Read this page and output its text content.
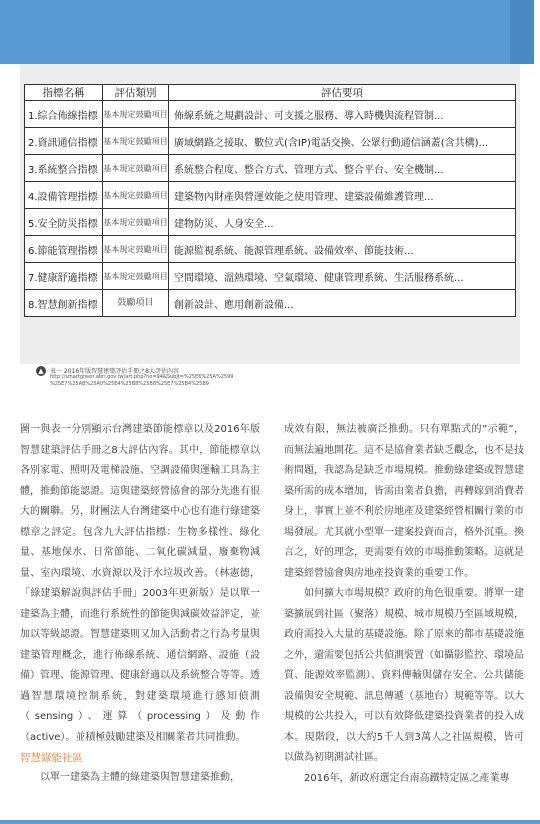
指標名稱	評估類別	評估要項
1.綜合佈線指標	基本規定 鼓勵項目	佈線系統之規劃設計、可支援之服務、導入時機與流程管制...
2.資訊通信指標	基本規定 鼓勵項目	廣域網路之接取、數位式(含IP)電話交換、公眾行動通信涵蓋(含共構)...
3.系統整合指標	基本規定 鼓勵項目	系統整合程度、整合方式、管理方式、整合平台、安全機制...
4.設備管理指標	基本規定 鼓勵項目	建築物內財產與營運效能之使用管理、建築設備維護管理...
5.安全防災指標	基本規定 鼓勵項目	建物防災、人身安全...
6.節能管理指標	基本規定 鼓勵項目	能源監視系統、能源管理系統、設備效率、節能技術...
7.健康舒適指標	基本規定 鼓勵項目	空間環境、溫熱環境、空氣環境、健康管理系統、生活服務系統...
8.智慧創新指標	鼓勵項目	創新設計、應用創新設備...
▲	表一 2016年版智慧建築評估手冊之8大評估內容
http://smartgreen.abri.gov.tw/art.php?no=94&SubJt=%25E6%25A%2599
%25E7%25AB%25A0%25E4%25B8%25B8%25E7%25B4%25B9

圖一與表一分別顯示台灣建築節能標章以及2016年版智慧建築評估手冊之8大評估內容。其中，節能標章以各別家電、照明及電梯設施、空調設備與運輸工具為主體，推動節能認證。這與建築經營協會的部分先進有很大的關聯。另，財團法人台灣建築中心也有進行綠建築標章之評定。包含九大評估指標：生物多樣性、綠化量、基地保水、日常節能、二氧化碳減量、廢棄物減量、室內環境、水資源以及汙水垃圾改善。（林憲德，「綠建築解說與評估手冊」2003年更新版）是以單一建築為主體，而進行系統性的節能與減碳效益評定，並加以等級認證。智慧建築則又加入活動者之行為考量與建築管理概念，進行佈線系統、通信網路、設施（設備）管理、能源管理、健康舒適以及系統整合等等。透過智慧環境控制系統，對建築環境進行感知偵測（sensing）、運算（processing）及動作（active）。並積極鼓勵建築及相關業者共同推動。

智慧綠能社區

以單一建築為主體的綠建築與智慧建築推動，

成效有限，無法被廣泛推動。只有單點式的”示範”，而無法遍地開花。這不是協會業者缺乏觀念，也不是技術問題，我認為是缺乏市場規模。推動綠建築或智慧建築所需的成本增加，皆需由業者負擔，再轉嫁到消費者身上，事實上並不利於房地產及建築經營相關行業的市場發展。尤其就小型單一建案投資而言，格外沉重。換言之，好的理念，更需要有效的市場推動策略。這就是建築經營協會與房地產投資業的重要工作。

如何擴大市場規模？政府的角色很重要。將單一建築擴展到社區（聚落）規模、城市規模乃至區域規模，政府需投入大量的基礎設施。除了原來的都市基礎設施之外，還需要包括公共偵測裝置（如攝影監控、環境品質、能源效率監測）、資料傳輸與儲存安全、公共儲能設備與安全規範、訊息傳遞（基地台）規範等等。以大規模的公共投入，可以有效降低建築投資業者的投入成本。現階段，以大約5千人到3萬人之社區規模，皆可以做為初期測試社區。

2016年，新政府選定台南高鐵特定區之產業專
